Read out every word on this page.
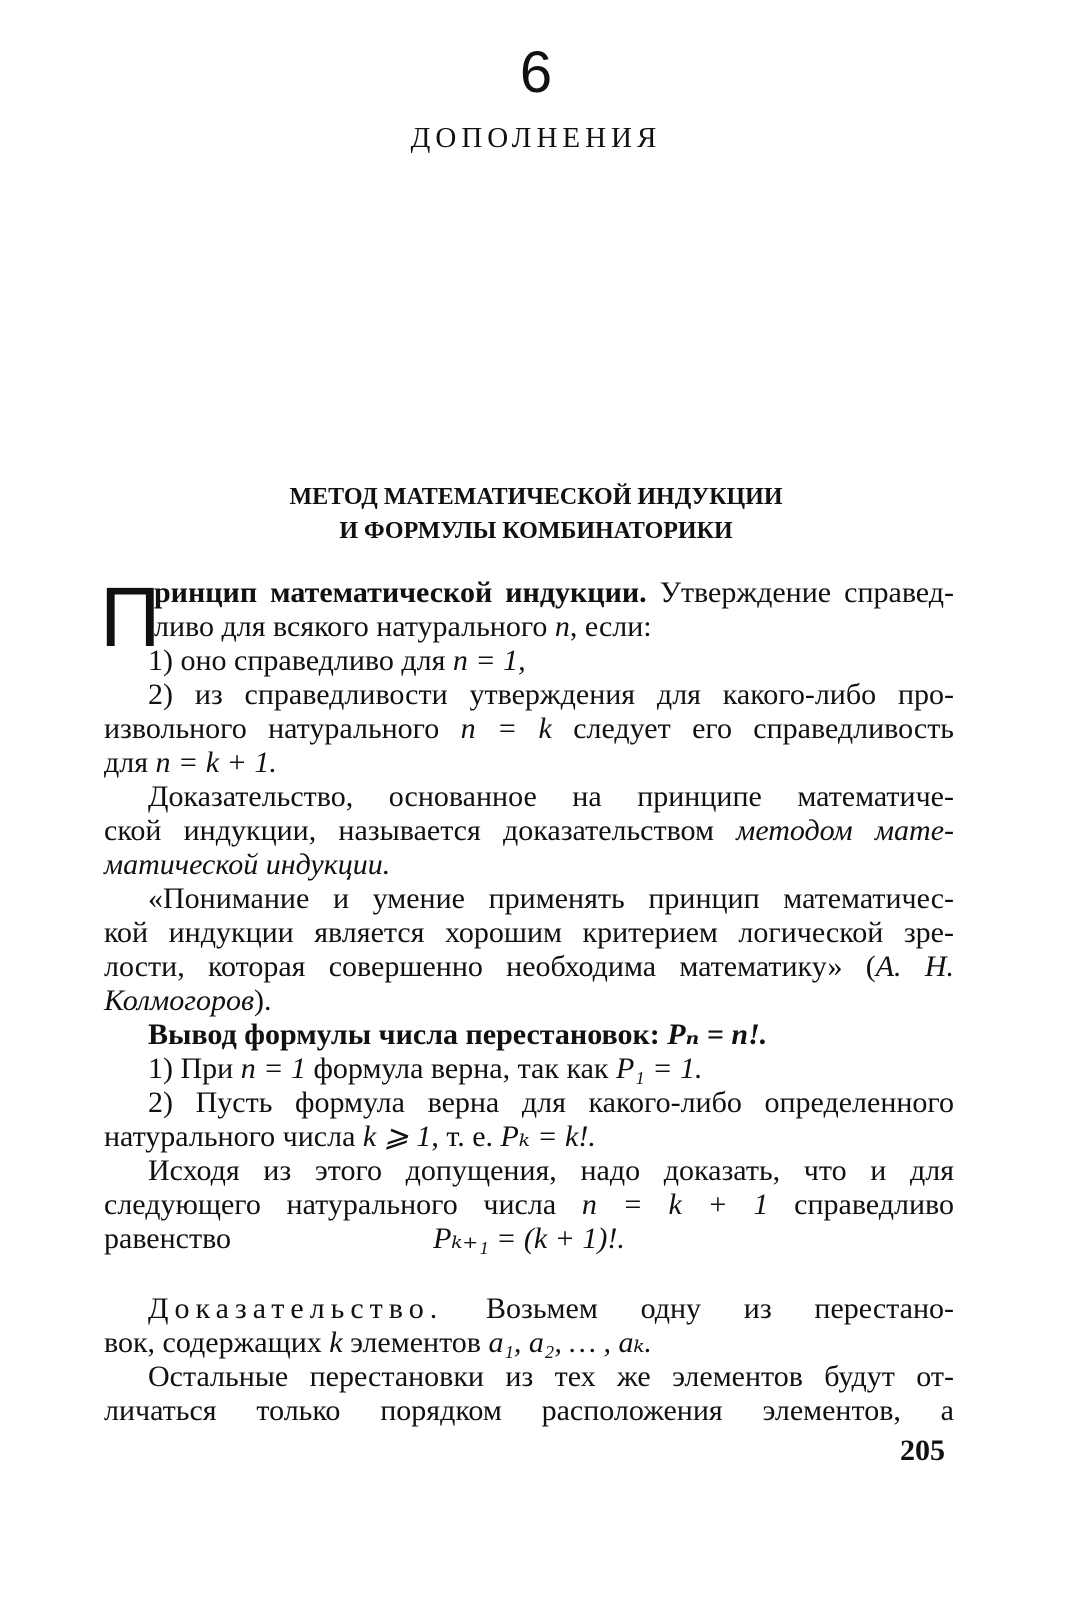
6
ДОПОЛНЕНИЯ
МЕТОД МАТЕМАТИЧЕСКОЙ ИНДУКЦИИ
И ФОРМУЛЫ КОМБИНАТОРИКИ
П
ринцип математической индукции. Утверждение справед-
ливо для всякого натурального n, если:
1) оно справедливо для n = 1,
2) из справедливости утверждения для какого-либо про-
извольного натурального n = k следует его справедливость
для n = k + 1.
Доказательство, основанное на принципе математиче-
ской индукции, называется доказательством методом мате-
матической индукции.
«Понимание и умение применять принцип математичес-
кой индукции является хорошим критерием логической зре-
лости, которая совершенно необходима математику» (А. Н.
Колмогоров).
Вывод формулы числа перестановок: Pₙ = n!.
1) При n = 1 формула верна, так как P₁ = 1.
2) Пусть формула верна для какого-либо определенного
натурального числа k ⩾ 1, т. е. Pₖ = k!.
Исходя из этого допущения, надо доказать, что и для
следующего натурального числа n = k + 1 справедливо
равенство	Pₖ₊₁ = (k + 1)!.
Доказательство. Возьмем одну из перестано-
вок, содержащих k элементов a₁, a₂, … , aₖ.
Остальные перестановки из тех же элементов будут от-
личаться только порядком расположения элементов, а
205
